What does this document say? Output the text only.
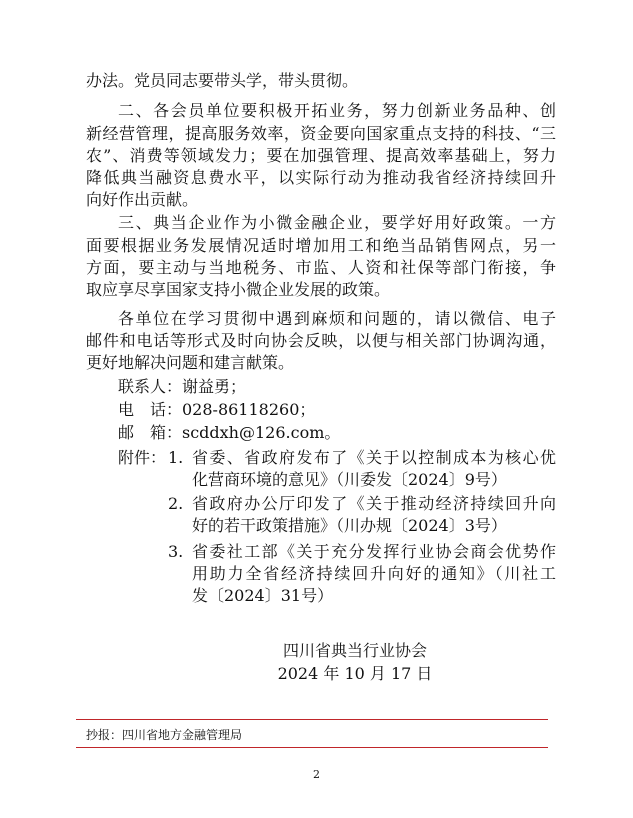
办法。党员同志要带头学，带头贯彻。
二、各会员单位要积极开拓业务，努力创新业务品种、创
新经营管理，提高服务效率，资金要向国家重点支持的科技、“三
农”、消费等领域发力；要在加强管理、提高效率基础上，努力
降低典当融资息费水平，以实际行动为推动我省经济持续回升
向好作出贡献。
三、典当企业作为小微金融企业，要学好用好政策。一方
面要根据业务发展情况适时增加用工和绝当品销售网点，另一
方面，要主动与当地税务、市监、人资和社保等部门衔接，争
取应享尽享国家支持小微企业发展的政策。
各单位在学习贯彻中遇到麻烦和问题的，请以微信、电子
邮件和电话等形式及时向协会反映，以便与相关部门协调沟通，
更好地解决问题和建言献策。
联系人：谢益勇；
电　话：028-86118260；
邮　箱：scddxh@126.com。
附件： 1. 省委、省政府发布了《关于以控制成本为核心优
化营商环境的意见》（川委发〔2024〕9号）
2. 省政府办公厅印发了《关于推动经济持续回升向
好的若干政策措施》（川办规〔2024〕3号）
3. 省委社工部《关于充分发挥行业协会商会优势作
用助力全省经济持续回升向好的通知》（川社工
发〔2024〕31号）
四川省典当行业协会
2024 年 10 月 17 日
抄报：四川省地方金融管理局
2
